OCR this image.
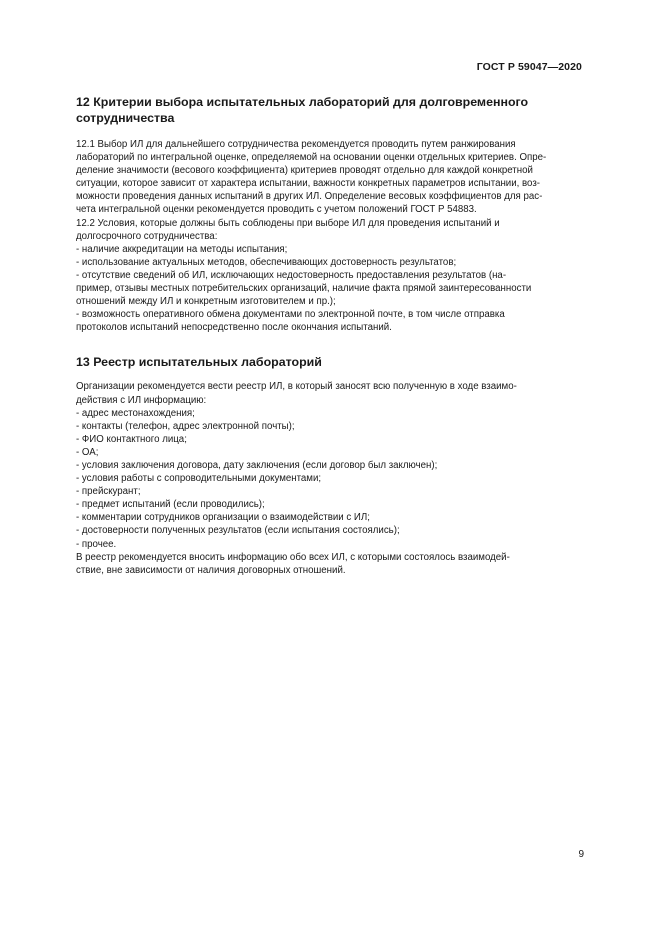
ГОСТ Р 59047—2020
12 Критерии выбора испытательных лабораторий для долговременного
сотрудничества
12.1 Выбор ИЛ для дальнейшего сотрудничества рекомендуется проводить путем ранжирования
лабораторий по интегральной оценке, определяемой на основании оценки отдельных критериев. Опре-
деление значимости (весового коэффициента) критериев проводят отдельно для каждой конкретной
ситуации, которое зависит от характера испытании, важности конкретных параметров испытании, воз-
можности проведения данных испытаний в других ИЛ. Определение весовых коэффициентов для рас-
чета интегральной оценки рекомендуется проводить с учетом положений ГОСТ Р 54883.
12.2 Условия, которые должны быть соблюдены при выборе ИЛ для проведения испытаний и
долгосрочного сотрудничества:
- наличие аккредитации на методы испытания;
- использование актуальных методов, обеспечивающих достоверность результатов;
- отсутствие сведений об ИЛ, исключающих недостоверность предоставления результатов (на-
пример, отзывы местных потребительских организаций, наличие факта прямой заинтересованности
отношений между ИЛ и конкретным изготовителем и пр.);
- возможность оперативного обмена документами по электронной почте, в том числе отправка
протоколов испытаний непосредственно после окончания испытаний.
13 Реестр испытательных лабораторий
Организации рекомендуется вести реестр ИЛ, в который заносят всю полученную в ходе взаимо-
действия с ИЛ информацию:
- адрес местонахождения;
- контакты (телефон, адрес электронной почты);
- ФИО контактного лица;
- ОА;
- условия заключения договора, дату заключения (если договор был заключен);
- условия работы с сопроводительными документами;
- прейскурант;
- предмет испытаний (если проводились);
- комментарии сотрудников организации о взаимодействии с ИЛ;
- достоверности полученных результатов (если испытания состоялись);
- прочее.
В реестр рекомендуется вносить информацию обо всех ИЛ, с которыми состоялось взаимодей-
ствие, вне зависимости от наличия договорных отношений.
9
